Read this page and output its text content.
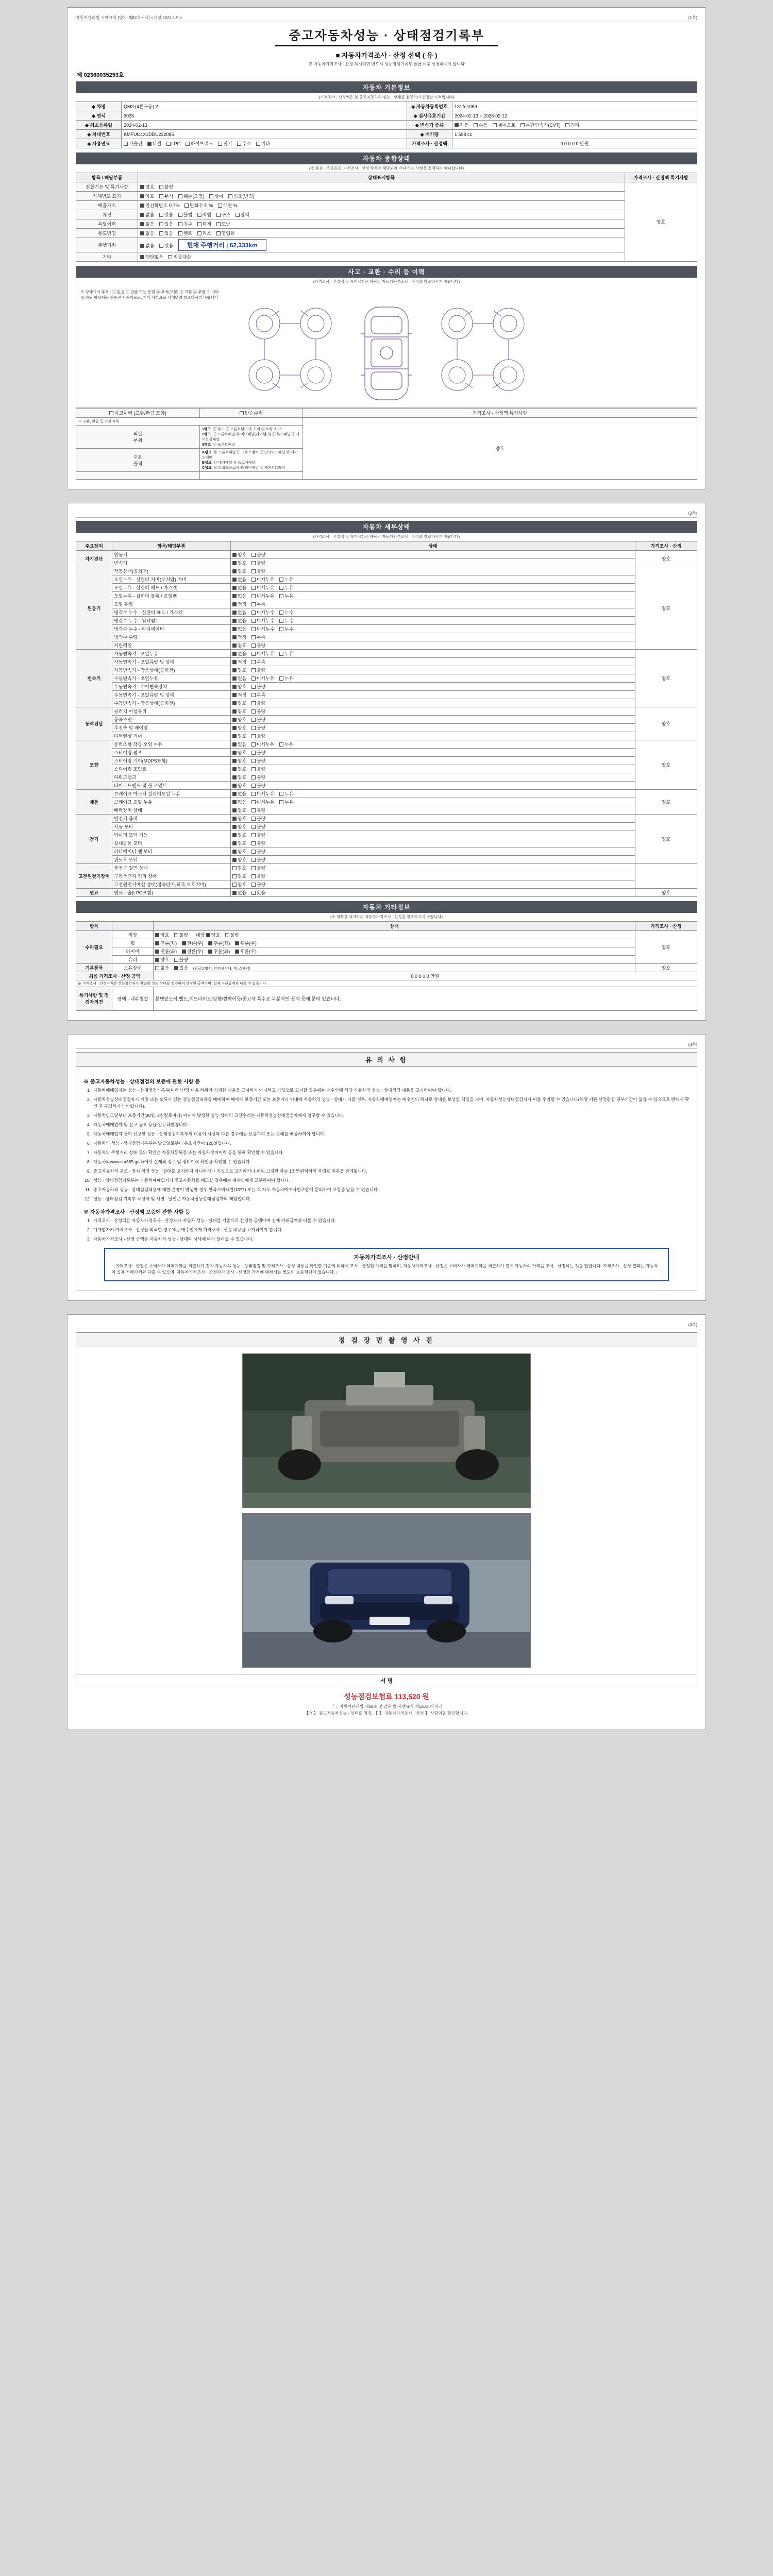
자동차관리법 시행규칙 [별지 제82호서식] <개정 2021.1.5.>	(1쪽)
중고자동차성능 · 상태점검기록부
■ 자동차가격조사 · 산정 선택 ( 유 )
※ 자동차가격조사 · 산정 하시려면 반드시 성능점검기록부 발급 이후 신청하셔야 합니다
제 02360035253호
자동차 기본정보
(가격조사 · 산정액은 본 중고자동차의 성능 · 상태를 참고하여 산정한 가격입니다)
◈ 차명	QM3 (4륜구동) 2	◈ 자동차등록번호	131노1069
◈ 연식	2025	◈ 검사유효기간	2024-02-13 ~ 2026-02-12
◈ 최초등록일	2024-02-13	◈ 변속기 종류	자동 수동 세미오토 무단변속기(CVT) 기타
◈ 차대번호	KMFUC4X1DDU232085	◈ 배기량	1,598 cc
◈ 사용연료	가솔린 디젤 LPG 하이브리드 전기 수소 기타	가격조사 · 산정액	0 0 0 0 0 만원
자동차 종합상태
(※ 유효 · 주요골조, 가격조사 · 산정 항목에 해당되지 아니 하는 사항은 점검하지 아니합니다)
항목 / 해당부품	상태표시항목	가격조사 · 산정액 특기사항
전찰기능 및 특기사항	양호 불량	양호
자체번호 표기	양호 부식 훼손(오염) 상이 변조(변경)	
배출가스	일산화탄소 0.7% 탄화수소 % 매연 %	
튜닝	없음 있음 불법 적법 구조 장치	
특별이력	없음 있음 침수 화재 도난	
용도변경	없음 있음 렌트 리스 영업용	
주행거리	없음 있음 현재 주행거리 | 62,333km	
기타	해당없음 리콜대상	
사고 · 교환 · 수리 등 이력
(가격조사 · 산정액 및 특기사항은 하단의 자동차가격조사 · 산정을 참조하시기 바랍니다)
※ 상태표시 부호 : ① 없음 ② 판금 또는 용접 ③ 부식(교환) ④ 교환 ⑤ 부품 ⑥ 기타
※ 하단 항목에는 주름진 기준이므로, 기타 사항으로 상태변경 참조하시기 바랍니다
사고이력 (교환/판금 포함)	단순수리	가격조사 · 산정액 특기사항
※ 교환, 판금 등 이상 부위		양호
외판
부위	
1랭크 ① 후드 ② 프론트휀더 ③ 도어 ④ 트렁크리드
2랭크 ⑤ 프론트패널 ⑥ 쿼터패널(리어휀더) ⑦ 루프패널 ⑧ 사이드실패널
3랭크 ⑨ 프론트패널

주요
골격	
A랭크 ⑩ 프론트패널 ⑪ 크로스멤버 ⑫ 인사이드패널 ⑬ 사이드멤버
B랭크 ⑭ 대쉬패널 ⑮ 플로어패널
C랭크 ⑯ 트렁크플로어 ⑰ 리어패널 ⑱ 패키지트레이

(2쪽)
자동차 세부상태
(가격조사 · 산정액 및 특기사항은 하단의 자동차가격조사 · 산정을 참조하시기 바랍니다)
주요장치	항목/해당부품	상태	가격조사 · 산정
자기진단	원동기	양호 불량	양호
	변속기	양호 불량	
원동기	작동상태(공회전)	양호 불량	양호
	오일누유 - 실린더 커버(로커암) 커버	없음 미세누유 누유	
	오일누유 - 실린더 헤드 / 가스켓	없음 미세누유 누유	
	오일누유 - 실린더 블록 / 오일팬	없음 미세누유 누유	
	오일 유량	적정 부족	
	냉각수 누수 - 실린더 헤드 / 가스켓	없음 미세누수 누수	
	냉각수 누수 - 워터펌프	없음 미세누수 누수	
	냉각수 누수 - 라디에이터	없음 미세누수 누수	
	냉각수 수량	적정 부족	
	커먼레일	양호 불량	
변속기	자동변속기 - 오일누유	없음 미세누유 누유	양호
	자동변속기 - 오일유량 및 상태	적정 부족	
	자동변속기 - 작동상태(공회전)	양호 불량	
	수동변속기 - 오일누유	없음 미세누유 누유	
	수동변속기 - 기어변속장치	양호 불량	
	수동변속기 - 오일유량 및 상태	적정 부족	
	수동변속기 - 작동상태(공회전)	양호 불량	
동력전달	클러치 어셈블리	양호 불량	양호
	등속조인트	양호 불량	
	추진축 및 베어링	양호 불량	
	디퍼렌셜 기어	양호 불량	
조향	동력조향 작동 오일 누유	없음 미세누유 누유	양호
	스티어링 펌프	양호 불량	
	스티어링 기어(MDPS포함)	양호 불량	
	스티어링 조인트	양호 불량	
	파워크랭크	양호 불량	
	타이로드엔드 및 볼 조인트	양호 불량	
제동	브레이크 마스터 실린더오일 누유	없음 미세누유 누유	양호
	브레이크 오일 누유	없음 미세누유 누유	
	배력장치 상태	양호 불량	
전기	발전기 출력	양호 불량	양호
	시동 모터	양호 불량	
	와이퍼 모터 기능	양호 불량	
	실내송풍 모터	양호 불량	
	라디에이터 팬 모터	양호 불량	
	윈도우 모터	양호 불량	
고전원전기장치	충전구 절연 상태	양호 불량	
	구동축전지 격리 상태	양호 불량	
	고전원전기배선 상태(접속단자,피복,보호커버)	양호 불량	
연료	연료누출(LPG포함)	없음 있음	양호
자동차 기타정보
(※ 항목을 체크하되 자동차가격조사 · 산정을 참조하시기 바랍니다)
항목		상태	가격조사 · 산정
수리필요	외장	양호 불량 내장 양호 불량	양호
	휠	전륜(좌) 전륜(우) 후륜(좌) 후륜(우)	
	타이어	전륜(좌) 전륜(우) 후륜(좌) 후륜(우)	
	유리	양호 불량	
기본품목	보유상태	없음 있음 (취급설명서, 안전삼각대, 잭, 스패너)	양호
최종 가격조사 · 산정 금액		0 0 0 0 0 만원	
※ 가격조사 · 산정가격은 성능점검자가 차량의 성능·상태를 점검하여 산정한 금액이며, 실제 거래금액과 다를 수 있습니다			
특기사항 및 점검자의견	광택 · 내부청결	본넷밑도어,벨트,헤드라이트/상향/깜빡이등/중고차 특수요 부분적인 문제 등에 문의 있습니다.	
(3쪽)
유 의 사 항
※ 중고자동차성능 · 상태점검의 보증에 관한 사항 등
1. 자동차매매업자는 성능 · 상태점검기록부(이하 '산정 내용 허위와 기재한 내용을 고지하지 아니하고 거짓으로 고지할 경우에는 매수인에 해당 자동차의 성능 · 상태점검 내용을 고지하여야 합니다.
2. 자동차성능상태점검자가 거짓 또는 오류가 있는 성능점검내용을 매매하여 매매에 보증기간 또는 보증거리 이내에 자동차의 성능 · 상태가 다를 경우, 자동차매매업자는 매수인의 하자로 상태를 보상할 책임을 지며, 자동차성능상태점검자가 이를 수리할 수 있습니다(해당 기관 산정관할 일부기간이 없음 수 있으므로 반드시 확인 후 구입하시기 바랍니다).
3. 자동차인도일부터 보증기간(30일, 2천킬로미터) 이내에 발생한 성능·상태의 고장수리는 자동차성능상태점검자에게 청구할 수 있습니다.
4. 자동차매매업자 및 신고·등록 등을 완료하였습니다.
5. 자동차매매업자 등이 신고한 성능 · 상태점검기록부의 내용이 사실과 다른 경우에는 보증수리 또는 손해를 배상하여야 합니다.
6. 자동차의 성능 · 상태점검기록부는 발급일로부터 유효기간이 120일입니다.
7. 자동차의 주행거리 상태 등의 확인은 자동차등록증 또는 자동차정비이력 등을 통해 확인할 수 있습니다.
8. 자동차의www.car365.go.kr에서 실제의 정보 및 정비이력 확인을 확인할 수 있습니다.
9. 중고자동차의 구조 · 장치 점검 성능 · 상태를 고지하지 아니하거나 거짓으로 고지하거나 허위 고지한 자는 1천만원이하의 과태료 처분을 받게됩니다.
10. 성능 · 상태점검기록부는 자동차매매업자가 중고자동차를 매도할 경우에는 매수인에게 교부하여야 합니다.
11. 중고자동차의 성능 · 상태점검내용에 대한 분쟁이 발생한 경우 한국소비자원(1372) 또는 각 시도 자동차매매사업조합에 문의하여 조정을 받을 수 있습니다.
12. 성능 · 상태점검 기록부 작성자 및 서명 · 날인은 자동차성능상태점검자의 책임입니다.
※ 자동차가격조사 · 산정액 보증에 관한 사항 등
1. 가격조사 · 산정액은 자동차가격조사 · 산정자가 자동차 성능 · 상태를 기준으로 산정한 금액이며 실제 거래금액과 다를 수 있습니다.
2. 매매업자가 가격조사 · 산정을 의뢰한 경우에는 매수인에게 가격조사 · 산정 내용을 고지하여야 합니다.
3. 자동차가격조사 · 산정 금액은 자동차의 성능 · 상태와 시세에 따라 달라질 수 있습니다.
자동차가격조사 · 산정안내
「가격조사 · 산정은 소비자가 매매계약을 체결하기 전에 자동차의 성능 · 상태점검 및 가격조사 · 산정 내용을 확인한 기준에 의하여 조사 · 산정된 가격을 말하며, 자동차가격조사 · 산정은 소비자가 매매계약을 체결하기 전에 자동차의 가격을 조사 · 산정하는 것을 말합니다. 가격조사 · 산정 결과는 자동차의 실제 거래가격과 다를 수 있으며, 자동차가격조사 · 산정자가 조사 · 산정한 가격에 대해서는 별도의 보증책임이 없습니다.」
(4쪽)
점 검 장 면 촬 영 사 진
서 명
성능점검보험료 113,520 원
「 」자동차관리법 제58조 및 같은 법 시행규칙 제120조에 따라
【 Y 】 중고자동차성능 · 상태를 점검, 【 】 자동차가격조사 · 산정 】 사항임을 확인합니다.
